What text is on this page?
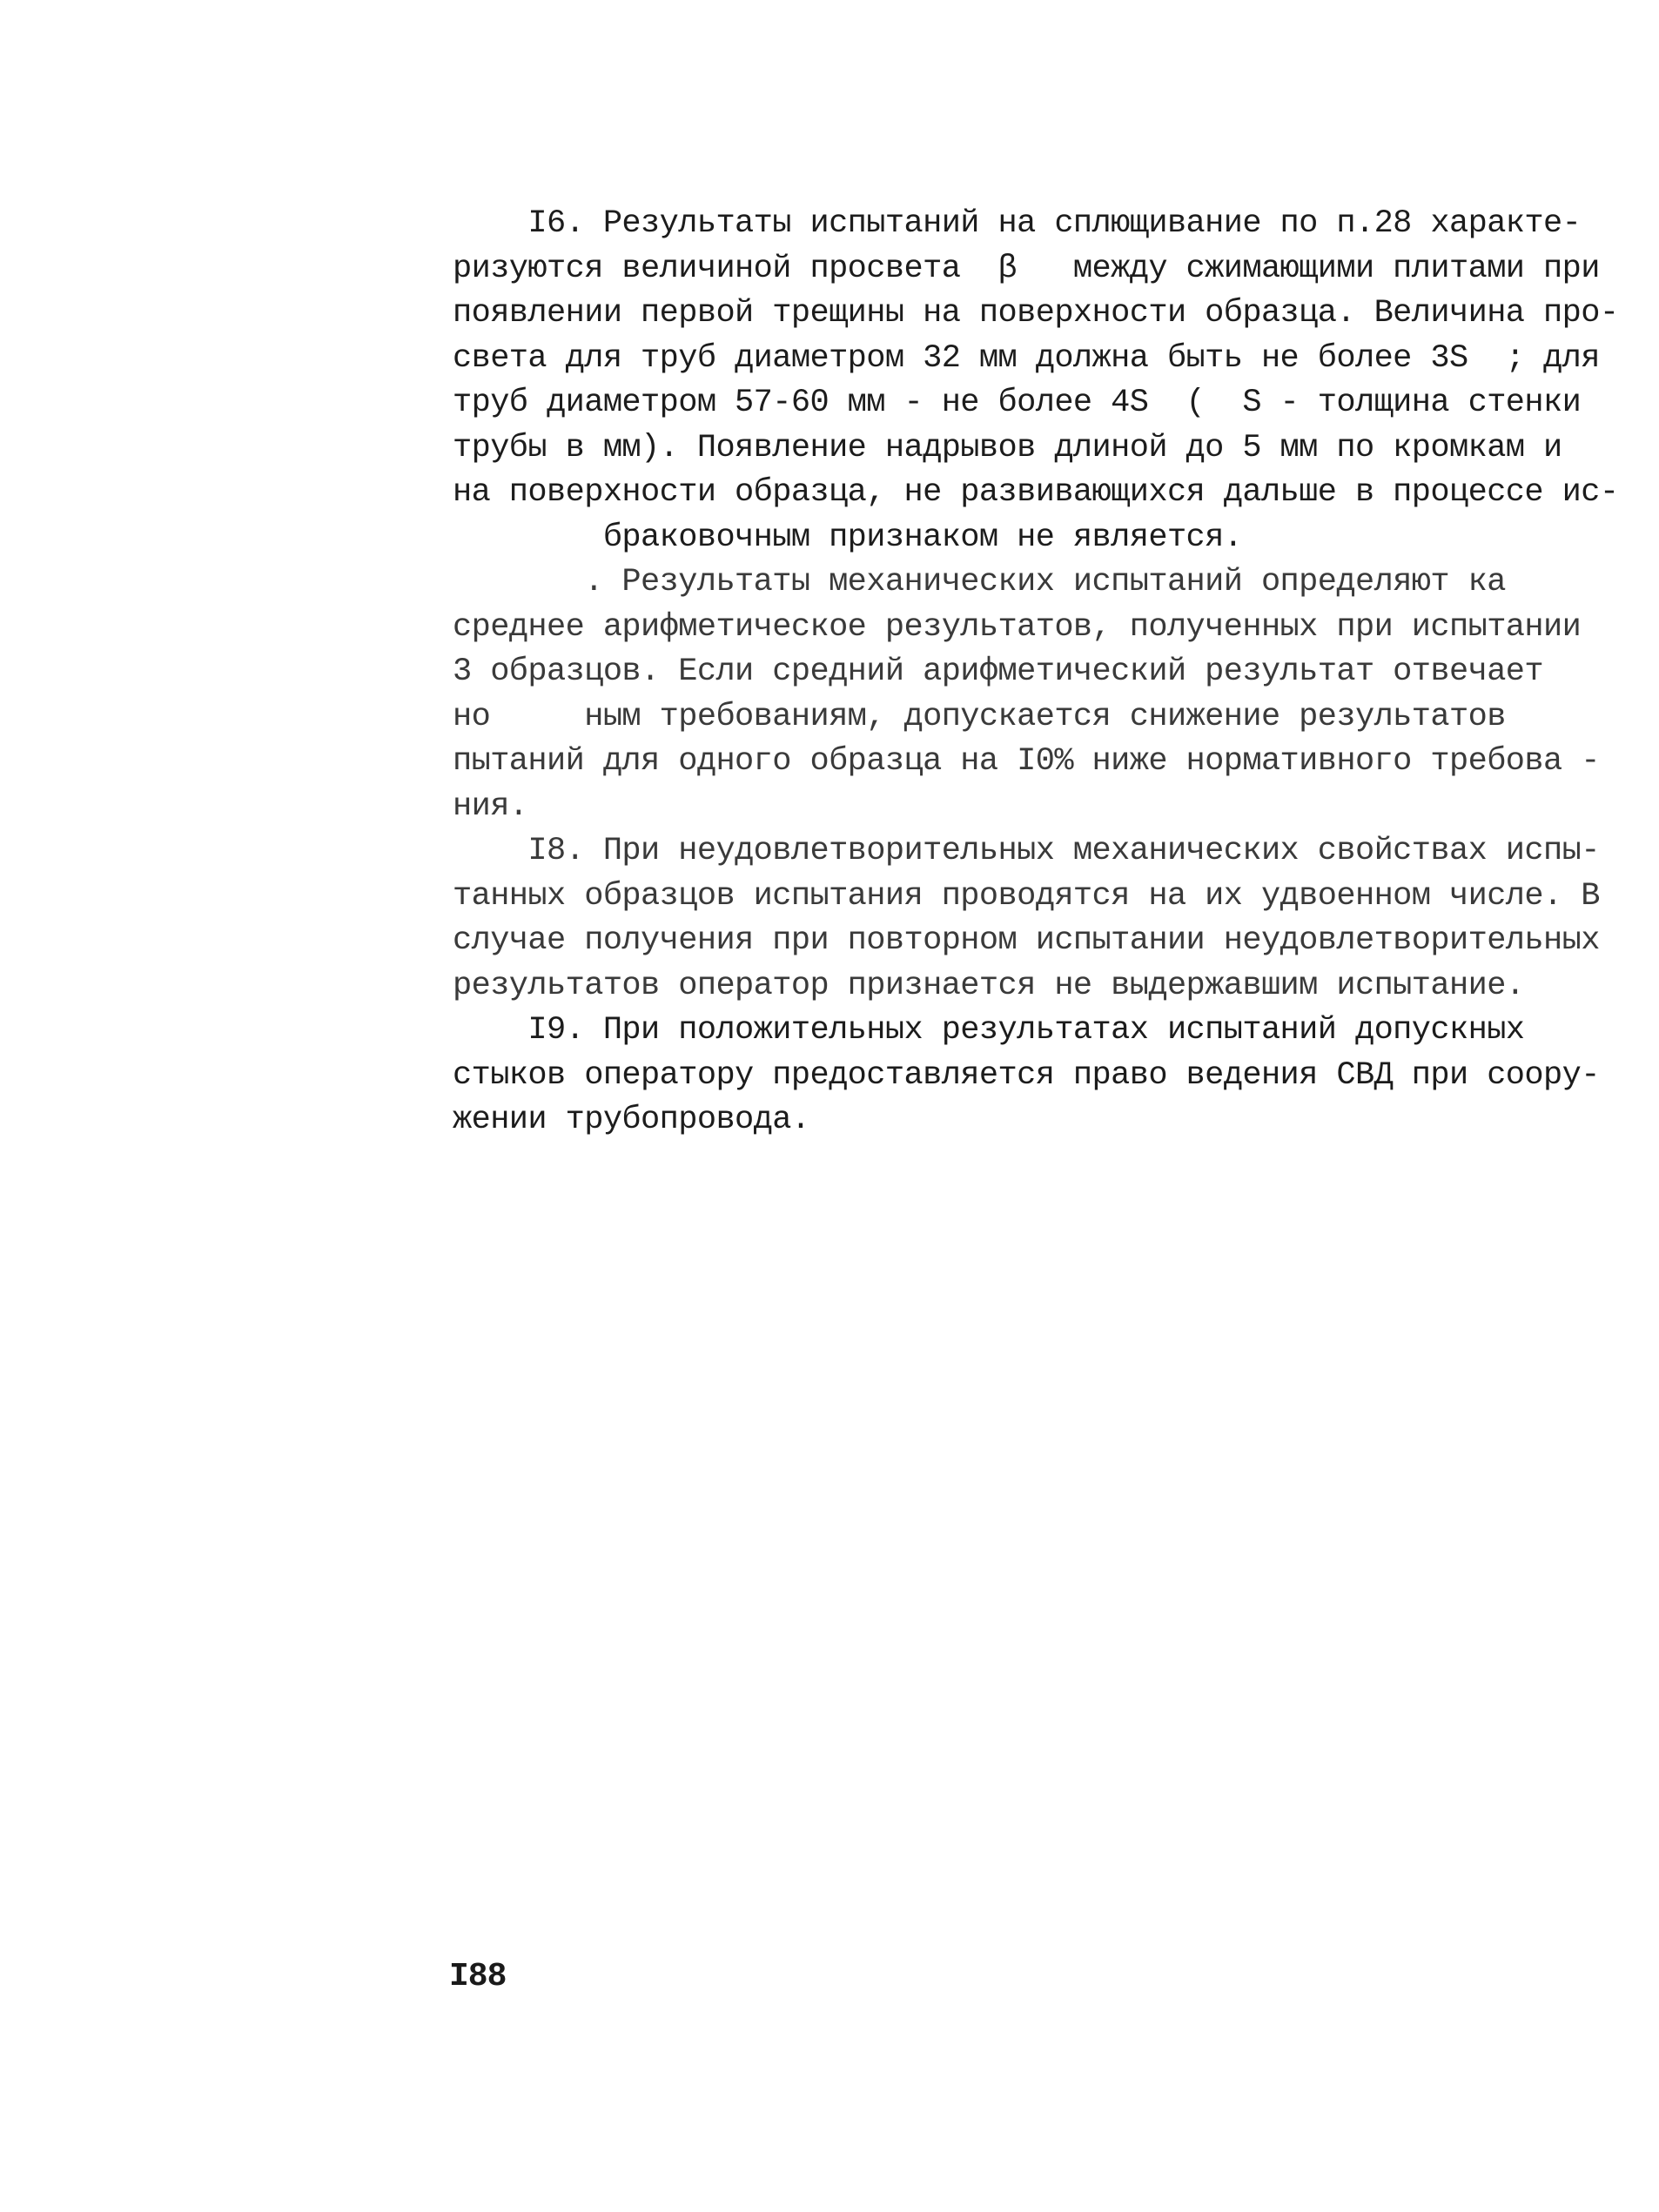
I6. Результаты испытаний на сплющивание по п.28 характе-
ризуются величиной просвета  β   между сжимающими плитами при
появлении первой трещины на поверхности образца. Величина про-
света для труб диаметром 32 мм должна быть не более 3S  ; для
труб диаметром 57-60 мм - не более 4S  (  S - толщина стенки
трубы в мм). Появление надрывов длиной до 5 мм по кромкам и
на поверхности образца, не развивающихся дальше в процессе ис-
браковочным признаком не является.
. Результаты механических испытаний определяют ка
среднее арифметическое результатов, полученных при испытании
3 образцов. Если средний арифметический результат отвечает
но     ным требованиям, допускается снижение результатов
пытаний для одного образца на I0% ниже нормативного требова -
ния.
I8. При неудовлетворительных механических свойствах испы-
танных образцов испытания проводятся на их удвоенном числе. В
случае получения при повторном испытании неудовлетворительных
результатов оператор признается не выдержавшим испытание.
I9. При положительных результатах испытаний допускных
стыков оператору предоставляется право ведения СВД при соору-
жении трубопровода.
I88
